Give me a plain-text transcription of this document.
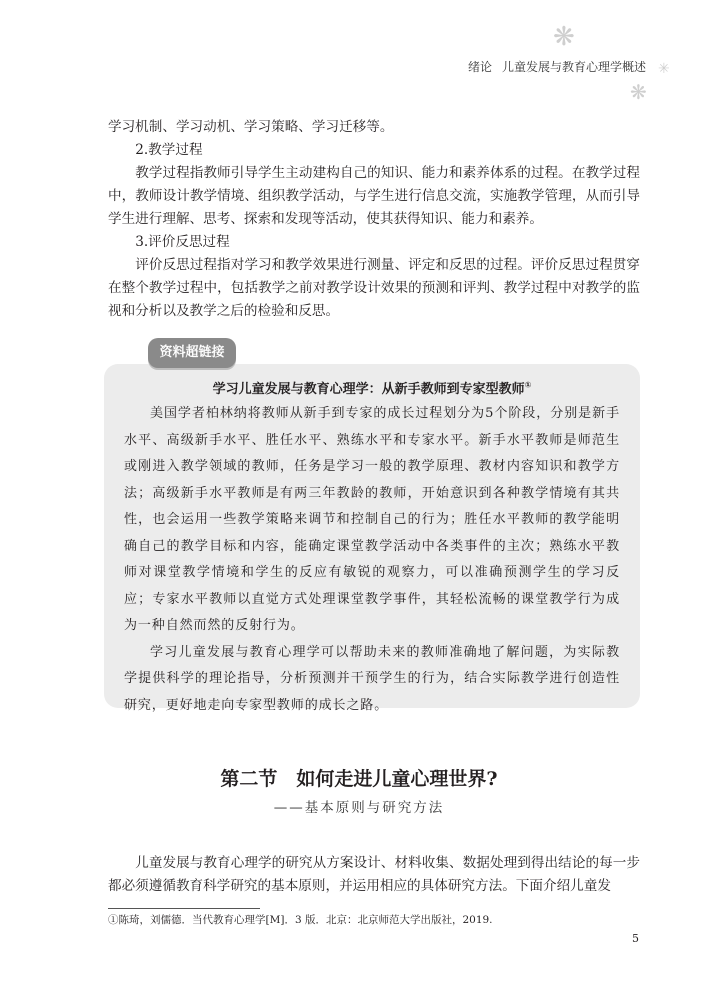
❋
✳
❋
绪论 儿童发展与教育心理学概述

学习机制、学习动机、学习策略、学习迁移等。

2.教学过程

教学过程指教师引导学生主动建构自己的知识、能力和素养体系的过程。在教学过程中，教师设计教学情境、组织教学活动，与学生进行信息交流，实施教学管理，从而引导学生进行理解、思考、探索和发现等活动，使其获得知识、能力和素养。

3.评价反思过程

评价反思过程指对学习和教学效果进行测量、评定和反思的过程。评价反思过程贯穿在整个教学过程中，包括教学之前对教学设计效果的预测和评判、教学过程中对教学的监视和分析以及教学之后的检验和反思。

学习儿童发展与教育心理学：从新手教师到专家型教师①

美国学者柏林纳将教师从新手到专家的成长过程划分为5个阶段，分别是新手水平、高级新手水平、胜任水平、熟练水平和专家水平。新手水平教师是师范生或刚进入教学领域的教师，任务是学习一般的教学原理、教材内容知识和教学方法；高级新手水平教师是有两三年教龄的教师，开始意识到各种教学情境有其共性，也会运用一些教学策略来调节和控制自己的行为；胜任水平教师的教学能明确自己的教学目标和内容，能确定课堂教学活动中各类事件的主次；熟练水平教师对课堂教学情境和学生的反应有敏锐的观察力，可以准确预测学生的学习反应；专家水平教师以直觉方式处理课堂教学事件，其轻松流畅的课堂教学行为成为一种自然而然的反射行为。

学习儿童发展与教育心理学可以帮助未来的教师准确地了解问题，为实际教学提供科学的理论指导，分析预测并干预学生的行为，结合实际教学进行创造性研究，更好地走向专家型教师的成长之路。

资料超链接
第二节　如何走进儿童心理世界?
——基本原则与研究方法

儿童发展与教育心理学的研究从方案设计、材料收集、数据处理到得出结论的每一步都必须遵循教育科学研究的基本原则，并运用相应的具体研究方法。下面介绍儿童发

①陈琦，刘儒德．当代教育心理学[M]．3 版．北京：北京师范大学出版社，2019.
5
